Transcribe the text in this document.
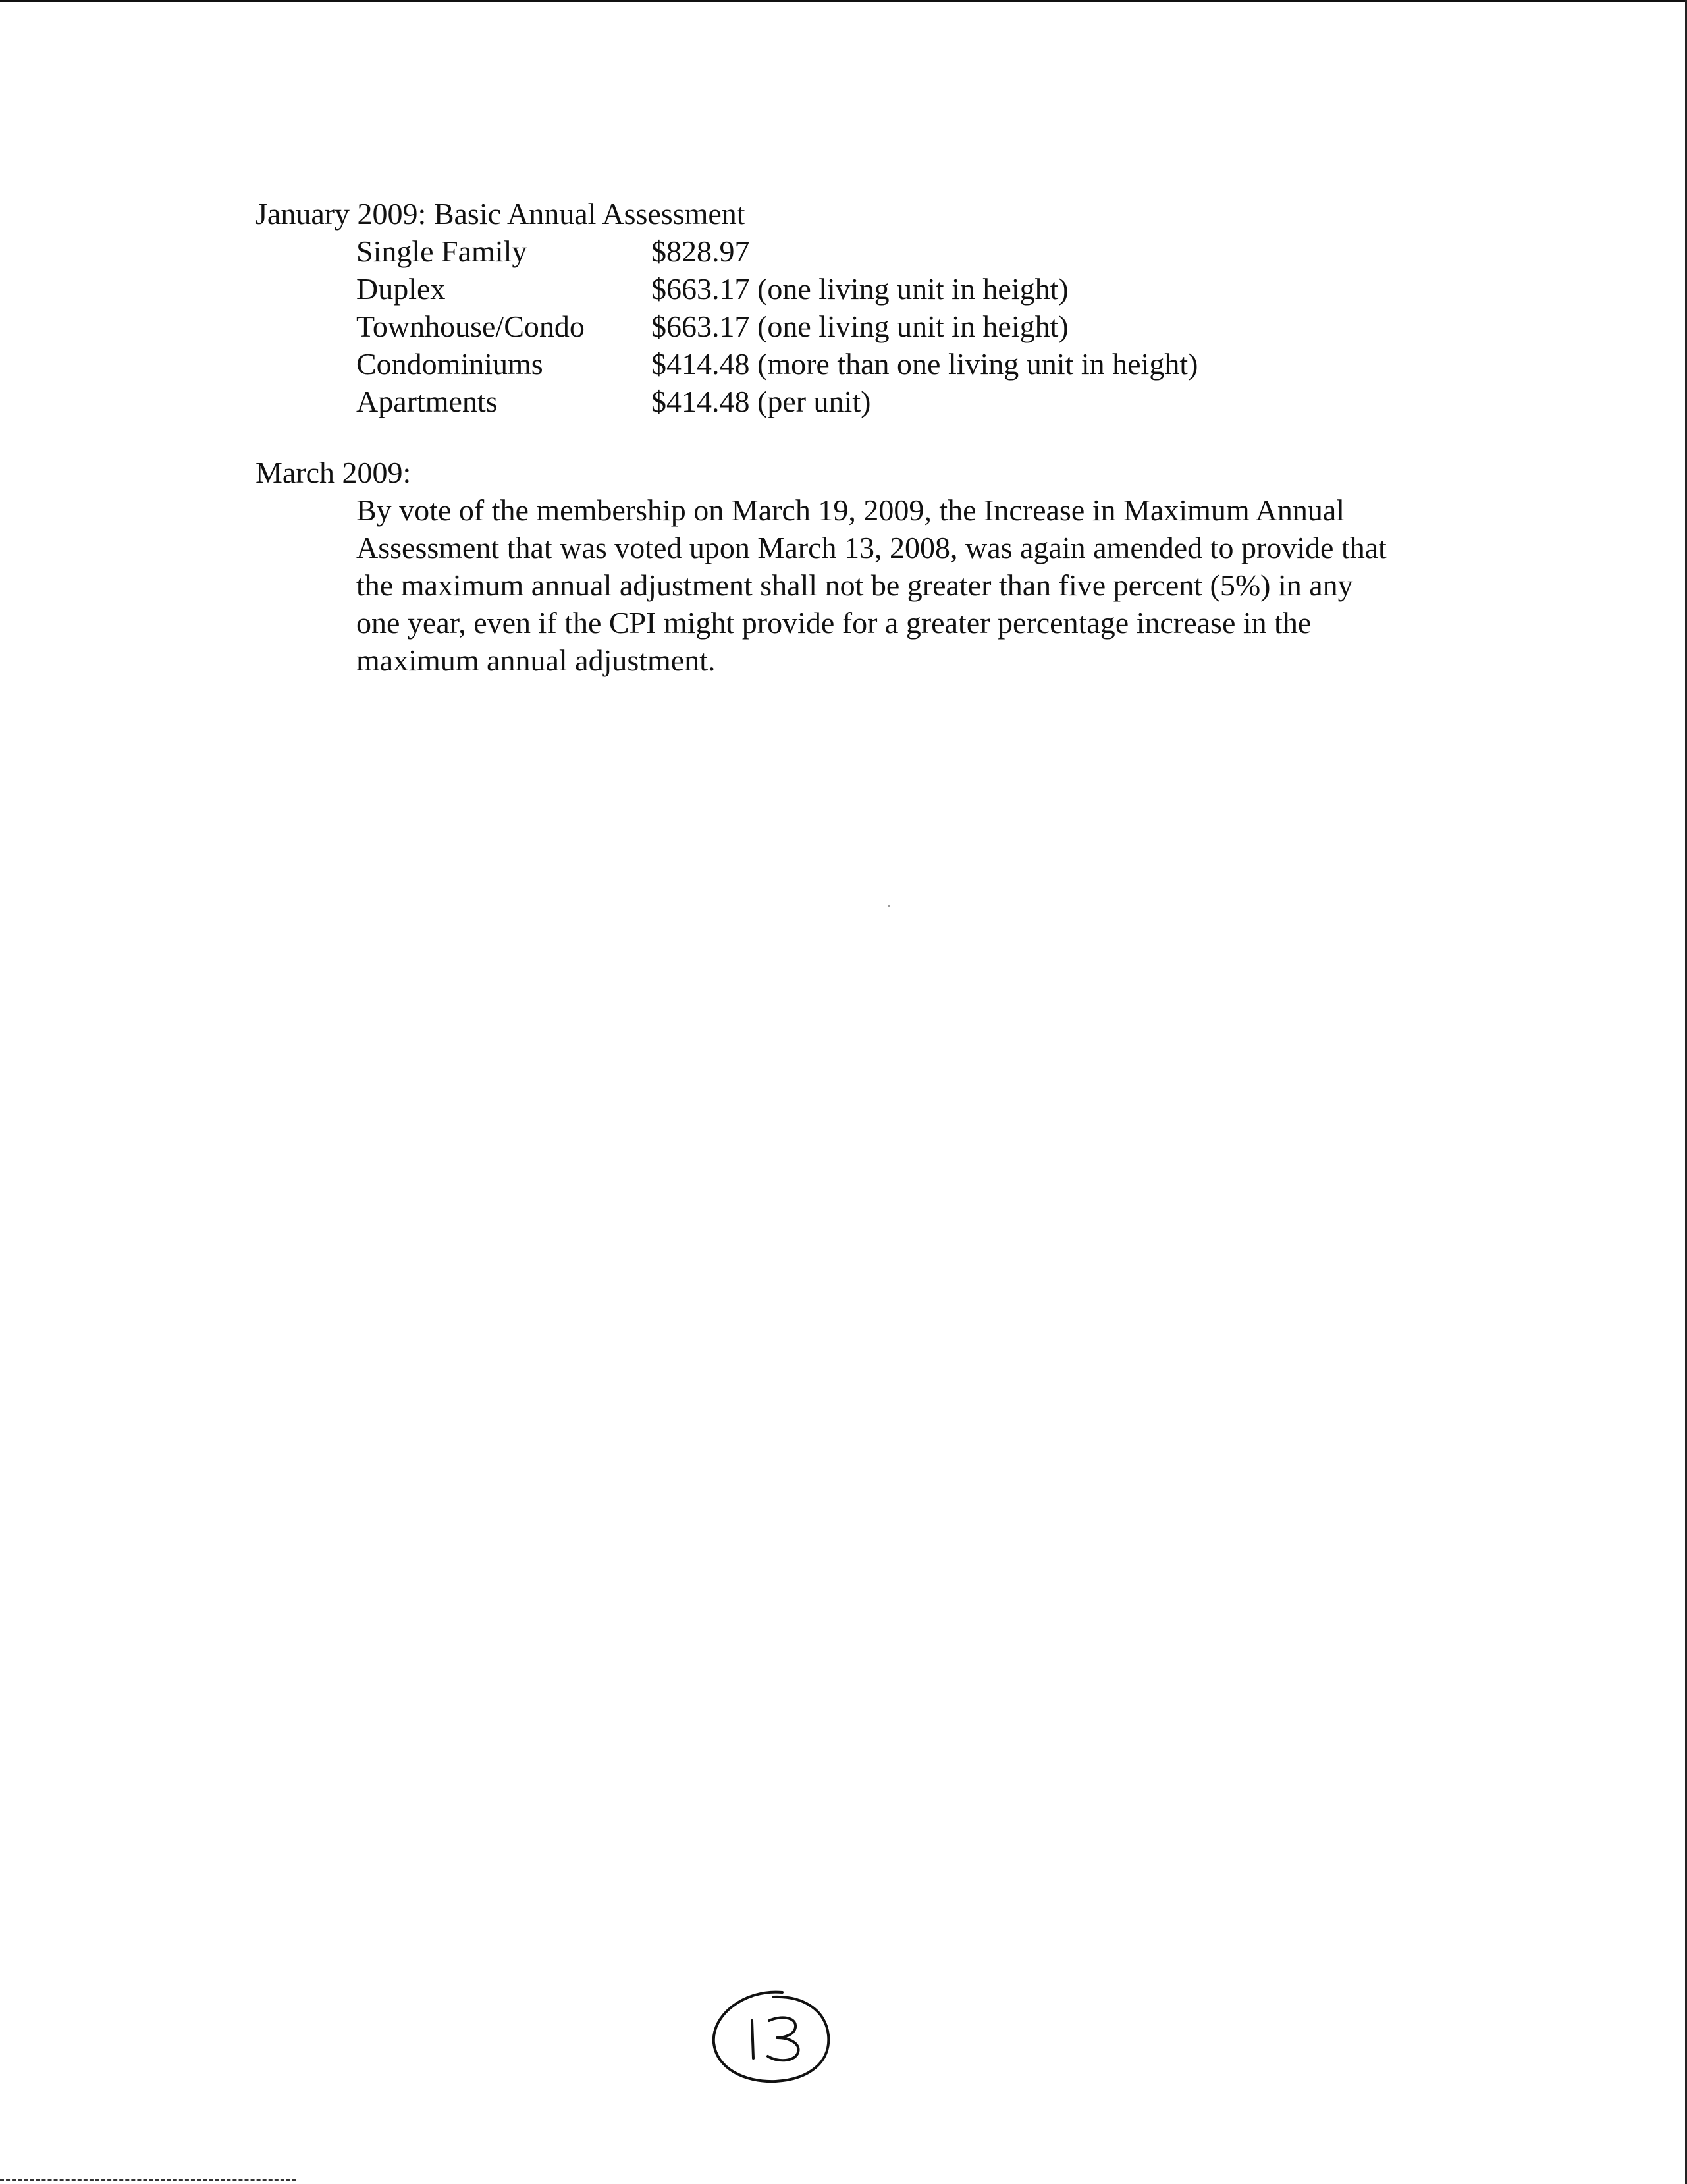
January 2009: Basic Annual Assessment
Single Family	$828.97
Duplex	$663.17 (one living unit in height)
Townhouse/Condo	$663.17 (one living unit in height)
Condominiums	$414.48 (more than one living unit in height)
Apartments	$414.48 (per unit)
March 2009:
By vote of the membership on March 19, 2009, the Increase in Maximum Annual
Assessment that was voted upon March 13, 2008, was again amended to provide that
the maximum annual adjustment shall not be greater than five percent (5%) in any
one year, even if the CPI might provide for a greater percentage increase in the
maximum annual adjustment.
